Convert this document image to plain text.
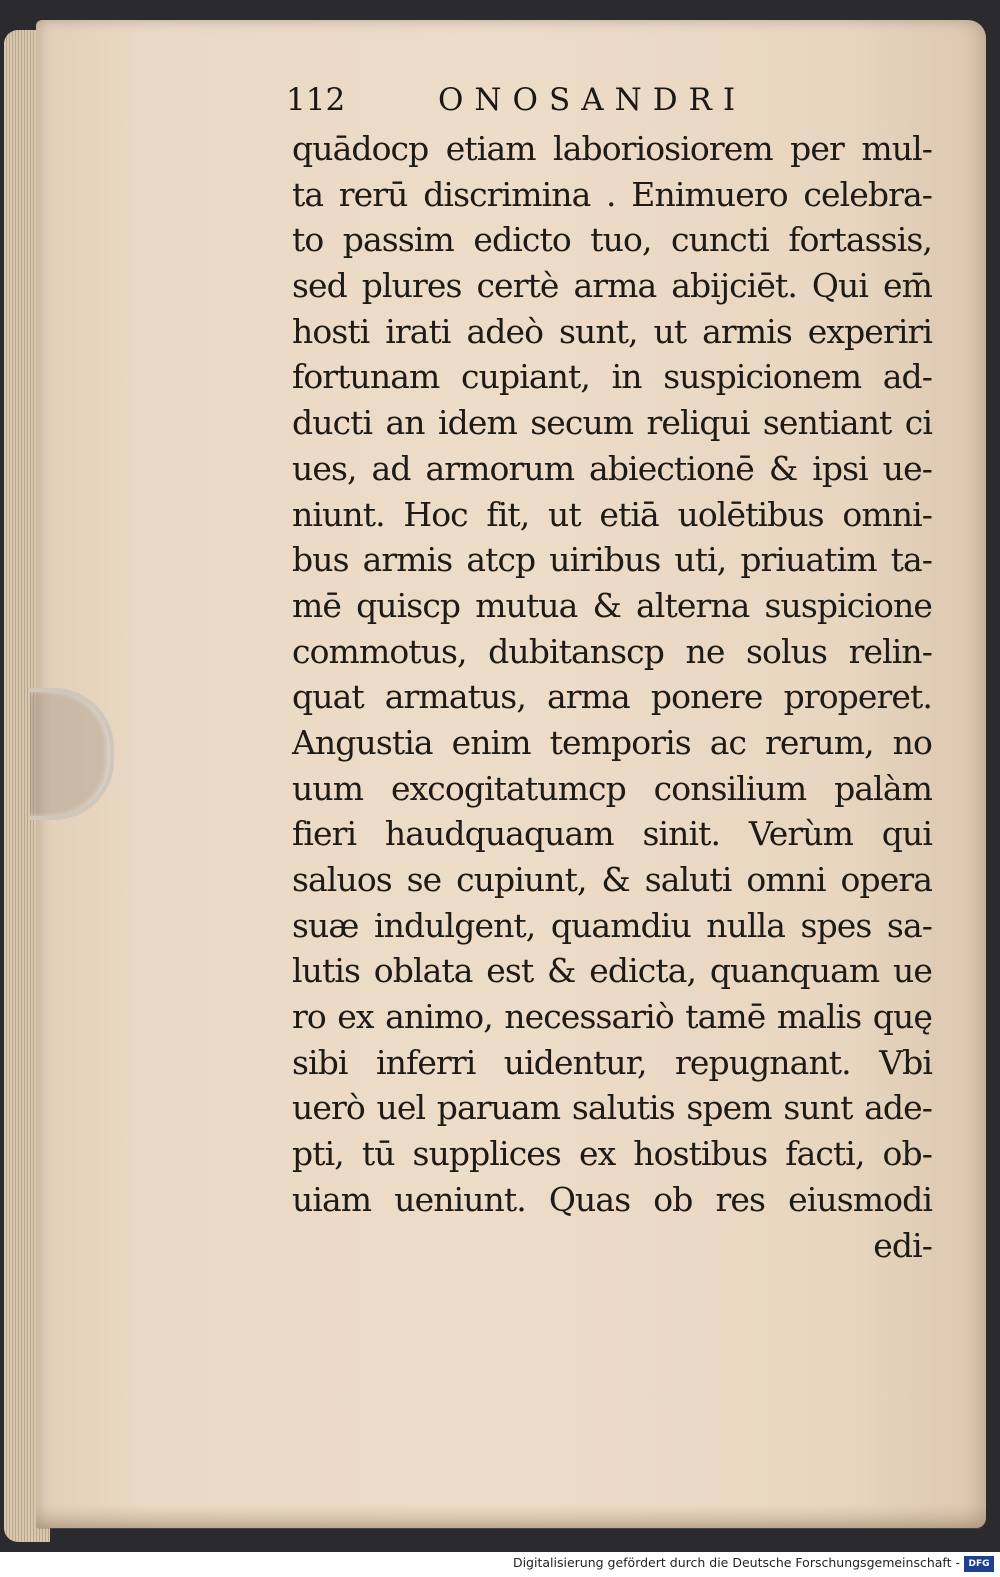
112	ONOSANDRI
quādocp etiam laboriosiorem per mul-
ta rerū discrimina . Enimuero celebra-
to passim edicto tuo, cuncti fortassis,
sed plures certè arma abijciēt. Qui em̄
hosti irati adeò sunt, ut armis experiri
fortunam cupiant, in suspicionem ad-
ducti an idem secum reliqui sentiant ci
ues, ad armorum abiectionē & ipsi ue-
niunt. Hoc fit, ut etiā uolētibus omni-
bus armis atcp uiribus uti, priuatim ta-
mē quiscp mutua & alterna suspicione
commotus, dubitanscp ne solus relin-
quat armatus, arma ponere properet.
Angustia enim temporis ac rerum, no
uum excogitatumcp consilium palàm
fieri haudquaquam sinit. Verùm qui
saluos se cupiunt, & saluti omni opera
suæ indulgent, quamdiu nulla spes sa-
lutis oblata est & edicta, quanquam ue
ro ex animo, necessariò tamē malis quę
sibi inferri uidentur, repugnant. Vbi
uerò uel paruam salutis spem sunt ade-
pti, tū supplices ex hostibus facti, ob-
uiam ueniunt. Quas ob res eiusmodi
edi-
Digitalisierung gefördert durch die Deutsche Forschungsgemeinschaft - DFG
